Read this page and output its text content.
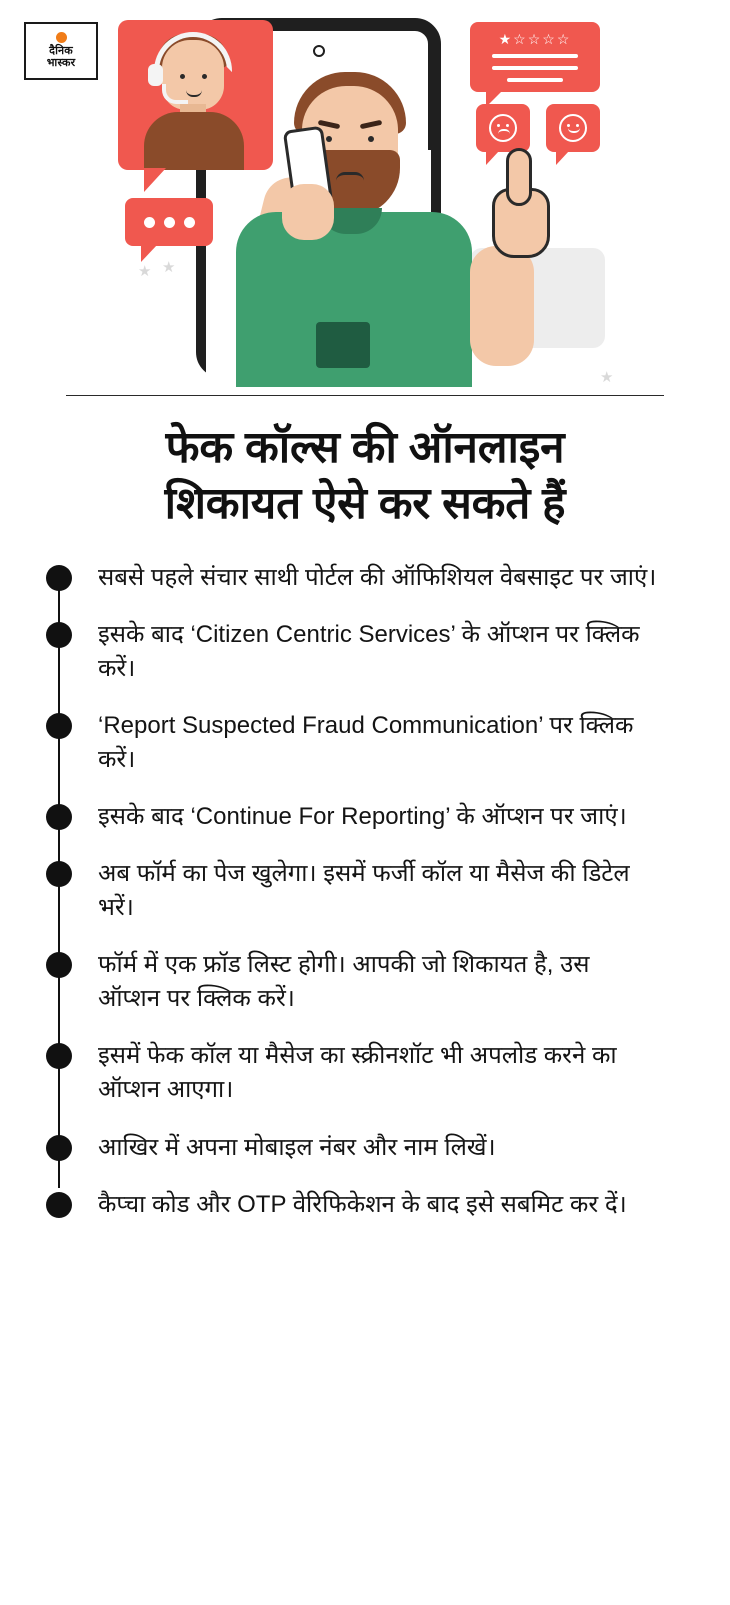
दैनिक
भास्कर
★☆☆☆☆
★ ★
★
फेक कॉल्स की ऑनलाइन
शिकायत ऐसे कर सकते हैं
सबसे पहले संचार साथी पोर्टल की ऑफिशियल वेबसाइट पर जाएं।
इसके बाद ‘Citizen Centric Services’ के ऑप्शन पर क्लिक करें।
‘Report Suspected Fraud Communication’ पर क्लिक करें।
इसके बाद ‘Continue For Reporting’ के ऑप्शन पर जाएं।
अब फॉर्म का पेज खुलेगा। इसमें फर्जी कॉल या मैसेज की डिटेल भरें।
फॉर्म में एक फ्रॉड लिस्ट होगी। आपकी जो शिकायत है, उस ऑप्शन पर क्लिक करें।
इसमें फेक कॉल या मैसेज का स्क्रीनशॉट भी अपलोड करने का ऑप्शन आएगा।
आखिर में अपना मोबाइल नंबर और नाम लिखें।
कैप्चा कोड और OTP वेरिफिकेशन के बाद इसे सबमिट कर दें।
